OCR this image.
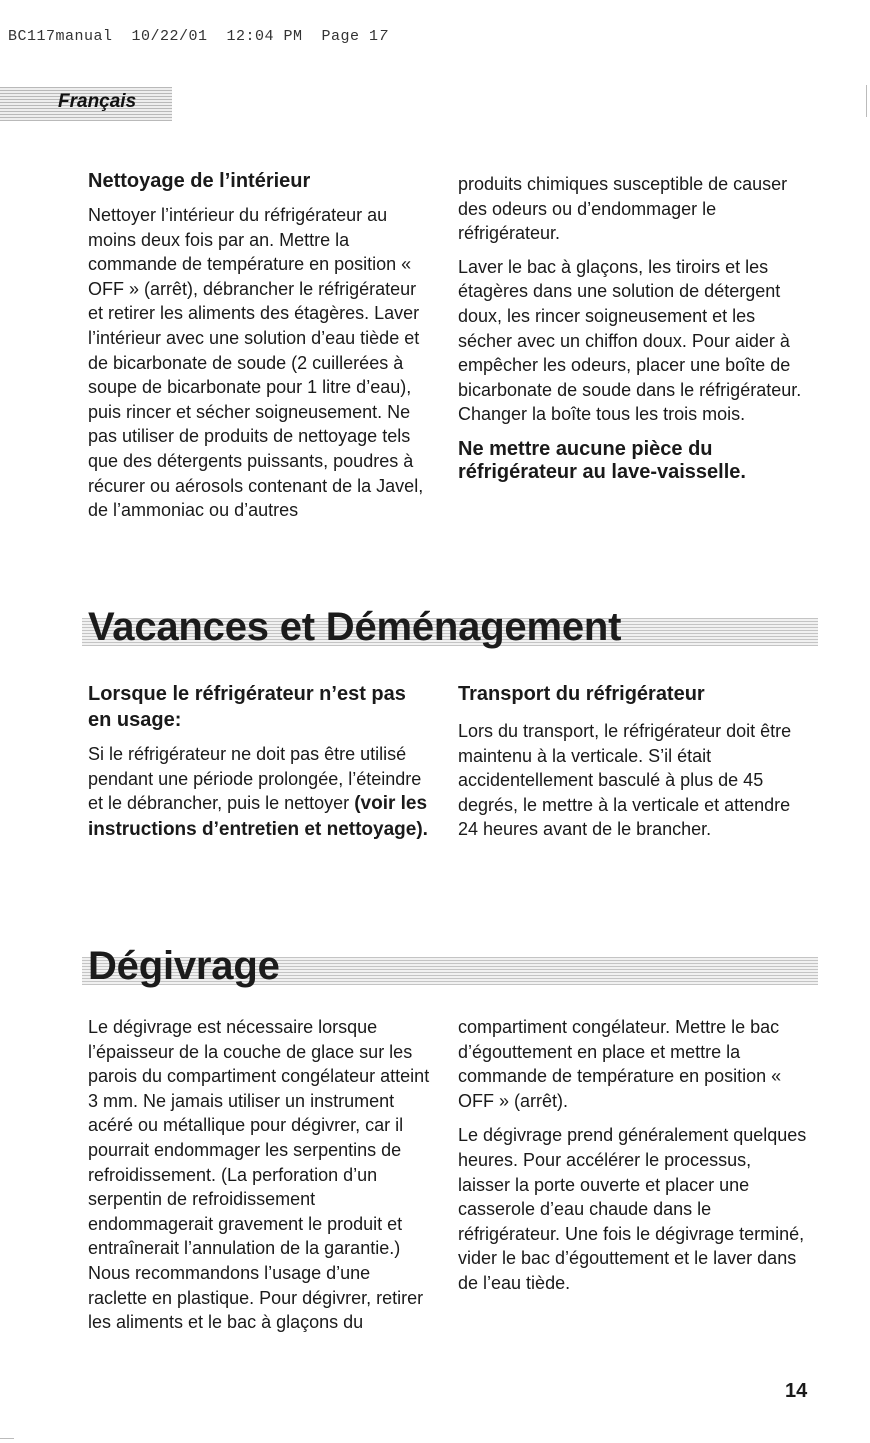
BC117manual  10/22/01  12:04 PM  Page 17
Français
Nettoyage de l’intérieur

Nettoyer l’intérieur du réfrigérateur au moins deux fois par an. Mettre la commande de température en position « OFF » (arrêt), débrancher le réfrigérateur et retirer les aliments des étagères. Laver l’intérieur avec une solution d’eau tiède et de bicarbonate de soude (2 cuillerées à soupe de bicarbonate pour 1 litre d’eau), puis rincer et sécher soigneusement. Ne pas utiliser de produits de nettoyage tels que des détergents puissants, poudres à récurer ou aérosols contenant de la Javel, de l’ammoniac ou d’autres

produits chimiques susceptible de causer des odeurs ou d’endommager le réfrigérateur.

Laver le bac à glaçons, les tiroirs et les étagères dans une solution de détergent doux, les rincer soigneusement et les sécher avec un chiffon doux. Pour aider à empêcher les odeurs, placer une boîte de bicarbonate de soude dans le réfrigérateur. Changer la boîte tous les trois mois.

Ne mettre aucune pièce du réfrigérateur au lave-vaisselle.

Vacances et Déménagement
Lorsque le réfrigérateur n’est pas en usage:

Si le réfrigérateur ne doit pas être utilisé pendant une période prolongée, l’éteindre et le débrancher, puis le nettoyer (voir les instructions d’entretien et nettoyage).

Transport du réfrigérateur

Lors du transport, le réfrigérateur doit être maintenu à la verticale. S’il était accidentellement basculé à plus de 45 degrés, le mettre à la verticale et attendre 24 heures avant de le brancher.

Dégivrage

Le dégivrage est nécessaire lorsque l’épaisseur de la couche de glace sur les parois du compartiment congélateur atteint 3 mm. Ne jamais utiliser un instrument acéré ou métallique pour dégivrer, car il pourrait endommager les serpentins de refroidissement. (La perforation d’un serpentin de refroidissement endommagerait gravement le produit et entraînerait l’annulation de la garantie.) Nous recommandons l’usage d’une raclette en plastique. Pour dégivrer, retirer les aliments et le bac à glaçons du

compartiment congélateur. Mettre le bac d’égouttement en place et mettre la commande de température en position « OFF » (arrêt).

Le dégivrage prend généralement quelques heures. Pour accélérer le processus, laisser la porte ouverte et placer une casserole d’eau chaude dans le réfrigérateur. Une fois le dégivrage terminé, vider le bac d’égouttement et le laver dans de l’eau tiède.

14
